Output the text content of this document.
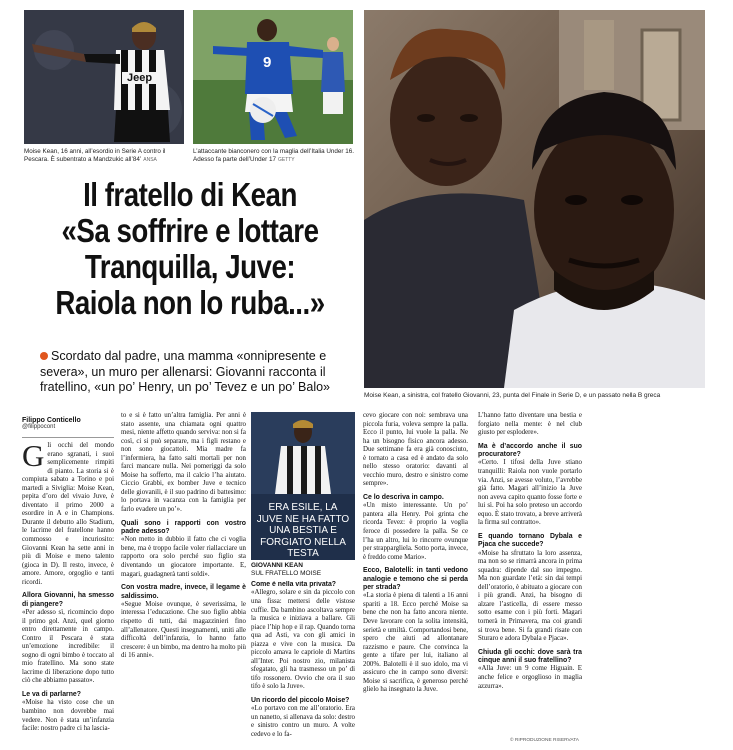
Jeep
Moise Kean, 16 anni, all’esordio in Serie A contro il Pescara. È subentrato a Mandzukic all’84’ ANSA
9
L’attaccante bianconero con la maglia dell’Italia Under 16. Adesso fa parte dell’Under 17 GETTY
Moise Kean, a sinistra, col fratello Giovanni, 23, punta del Finale in Serie D, e un passato nella B greca
Il fratello di Kean
«Sa soffrire e lottare
Tranquilla, Juve:
Raiola non lo ruba...»
Scordato dal padre, una mamma «onnipresente e severa», un muro per allenarsi: Giovanni racconta il fratellino, «un po’ Henry, un po’ Tevez e un po’ Balo»
Filippo Conticello
@filippocont

Gli occhi del mondo erano sgranati, i suoi semplicemente rimpiti di pianto. La storia si è compiuta sabato a Torino e poi martedì a Siviglia: Moise Kean, pepita d’oro del vivaio Juve, è diventato il primo 2000 a esordire in A e in Champions. Durante il debutto allo Stadium, le lacrime del fratellone hanno commosso e incuriosito: Giovanni Kean ha sette anni in più di Moise e meno talento (gioca in D). Il resto, invece, è amore. Amore, orgoglio e tanti ricordi.

Allora Giovanni, ha smesso di piangere?

«Per adesso sì, ricomincio dopo il primo gol. Anzi, quel giorno entro direttamente in campo. Contro il Pescara è stata un’emozione incredibile: il sogno di ogni bimbo è toccato al mio fratellino. Ma sono state lacrime di liberazione dopo tutto ciò che abbiamo passato».

Le va di parlarne?

«Moise ha visto cose che un bambino non dovrebbe mai vedere. Non è stata un’infanzia facile: nostro padre ci ha lascia-

to e si è fatto un’altra famiglia. Per anni è stato assente, una chiamata ogni quattro mesi, niente affetto quando serviva: non si fa così, ci si può separare, ma i figli restano e non sono giocattoli. Mia madre fa l’infermiera, ha fatto salti mortali per non farci mancare nulla. Nei pomeriggi da solo Moise ha sofferto, ma il calcio l’ha aiutato. Ciccio Grabbi, ex bomber Juve e tecnico delle giovanili, è il suo padrino di battesimo: lo portava in vacanza con la famiglia per farlo evadere un po’».

Quali sono i rapporti con vostro padre adesso?

«Non metto in dubbio il fatto che ci voglia bene, ma è troppo facile voler riallacciare un rapporto ora solo perché suo figlio sta diventando un giocatore importante. E, magari, guadagnerà tanti soldi».

Con vostra madre, invece, il legame è saldissimo.

«Segue Moise ovunque, è severissima, le interessa l’educazione. Che suo figlio abbia rispetto di tutti, dai magazzinieri fino all’allenatore. Questi insegnamenti, uniti alle difficoltà dell’infanzia, lo hanno fatto crescere: è un bimbo, ma dentro ha molto più di 16 anni».

ERA ESILE, LA JUVE NE HA FATTO UNA BESTIA E FORGIATO NELLA TESTA
GIOVANNI KEAN
SUL FRATELLO MOISE

Come è nella vita privata?

«Allegro, solare e sin da piccolo con una fissa: mettersi delle vistose cuffie. Da bambino ascoltava sempre la musica e iniziava a ballare. Gli piace l’hip hop e il rap. Quando torna qua ad Asti, va con gli amici in piazza e vive con la musica. Da piccolo amava le capriole di Martins all’Inter. Poi nostro zio, milanista sfegatato, gli ha trasmesso un po’ di tifo rossonero. Ovvio che ora il suo tifo è solo la Juve».

Un ricordo del piccolo Moise?

«Lo portavo con me all’oratorio. Era un nanetto, si allenava da solo: destro e sinistro contro un muro. A volte cedevo e lo fa-

cevo giocare con noi: sembrava una piccola furia, voleva sempre la palla. Ecco il punto, lui vuole la palla. Ne ha un bisogno fisico ancora adesso. Due settimane fa era già conosciuto, è tornato a casa ed è andato da solo nello stesso oratorio: davanti al vecchio muro, destro e sinistro come sempre».

Ce lo descriva in campo.

«Un misto interessante. Un po’ pantera alla Henry. Poi grinta che ricorda Tevez: è proprio la voglia feroce di possedere la palla. Se ce l’ha un altro, lui lo rincorre ovunque per strappargliela. Sotto porta, invece, è freddo come Mario».

Ecco, Balotelli: in tanti vedono analogie e temono che si perda per strada?

«La storia è piena di talenti a 16 anni spariti a 18. Ecco perché Moise sa bene che non ha fatto ancora niente. Deve lavorare con la solita intensità, serietà e umiltà. Comportandosi bene, spero che aiuti ad allontanare razzismo e paure. Che convinca la gente a tifare per lui, italiano al 200%. Balotelli è il suo idolo, ma vi assicuro che in campo sono diversi: Moise si sacrifica, è generoso perché glielo ha insegnato la Juve.

L’hanno fatto diventare una bestia e forgiato nella mente: è nel club giusto per esplodere».

Ma è d’accordo anche il suo procuratore?

«Certo. I tifosi della Juve stiano tranquilli: Raiola non vuole portarlo via. Anzi, se avesse voluto, l’avrebbe già fatto. Magari all’inizio la Juve non aveva capito quanto fosse forte e lui sì. Poi ha solo preteso un accordo equo. È stato trovato, a breve arriverà la firma sul contratto».

E quando tornano Dybala e Pjaca che succede?

«Moise ha sfruttato la loro assenza, ma non so se rimarrà ancora in prima squadra: dipende dal suo impegno. Ma non guardate l’età: sin dai tempi dell’oratorio, è abituato a giocare con i più grandi. Anzi, ha bisogno di alzare l’asticella, di essere messo sotto esame con i più forti. Magari tornerà in Primavera, ma coi grandi si trova bene. Si fa grandi risate con Sturaro e adora Dybala e Pjaca».

Chiuda gli occhi: dove sarà tra cinque anni il suo fratellino?

«Alla Juve: un 9 come Higuain. E anche felice e orgoglioso in maglia azzurra».

© RIPRODUZIONE RISERVATA
